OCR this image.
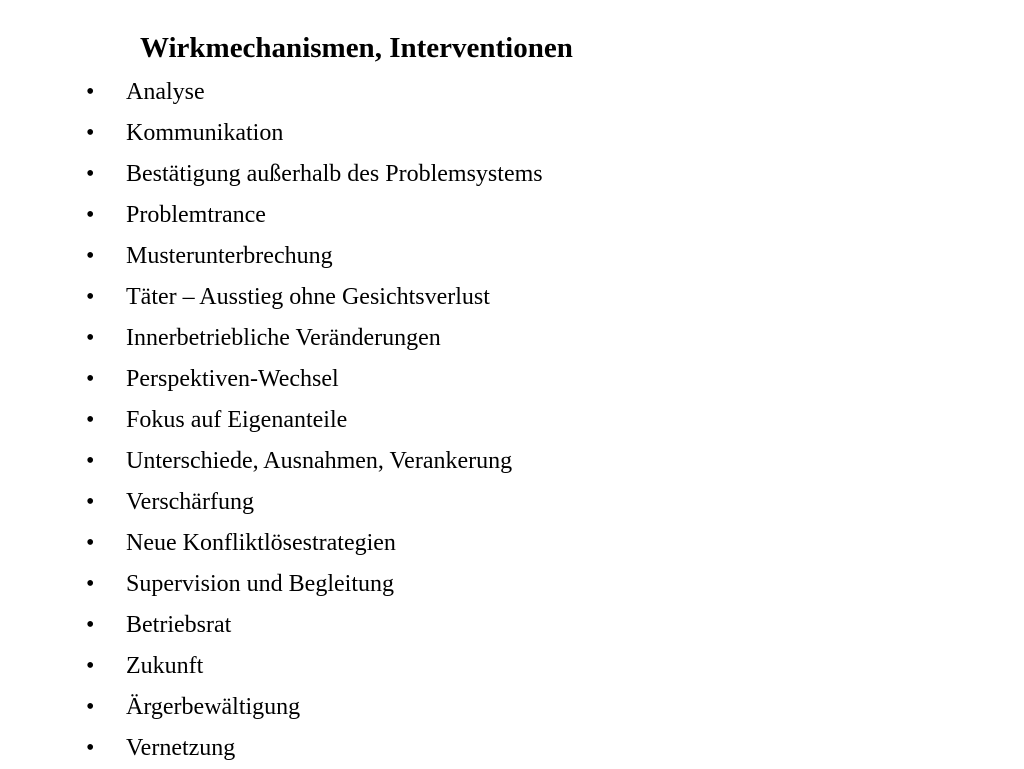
Wirkmechanismen, Interventionen
• Analyse
• Kommunikation
• Bestätigung außerhalb des Problemsystems
• Problemtrance
• Musterunterbrechung
• Täter – Ausstieg ohne Gesichtsverlust
• Innerbetriebliche Veränderungen
• Perspektiven-Wechsel
• Fokus auf Eigenanteile
• Unterschiede, Ausnahmen, Verankerung
• Verschärfung
• Neue Konfliktlösestrategien
• Supervision und Begleitung
• Betriebsrat
• Zukunft
• Ärgerbewältigung
• Vernetzung
